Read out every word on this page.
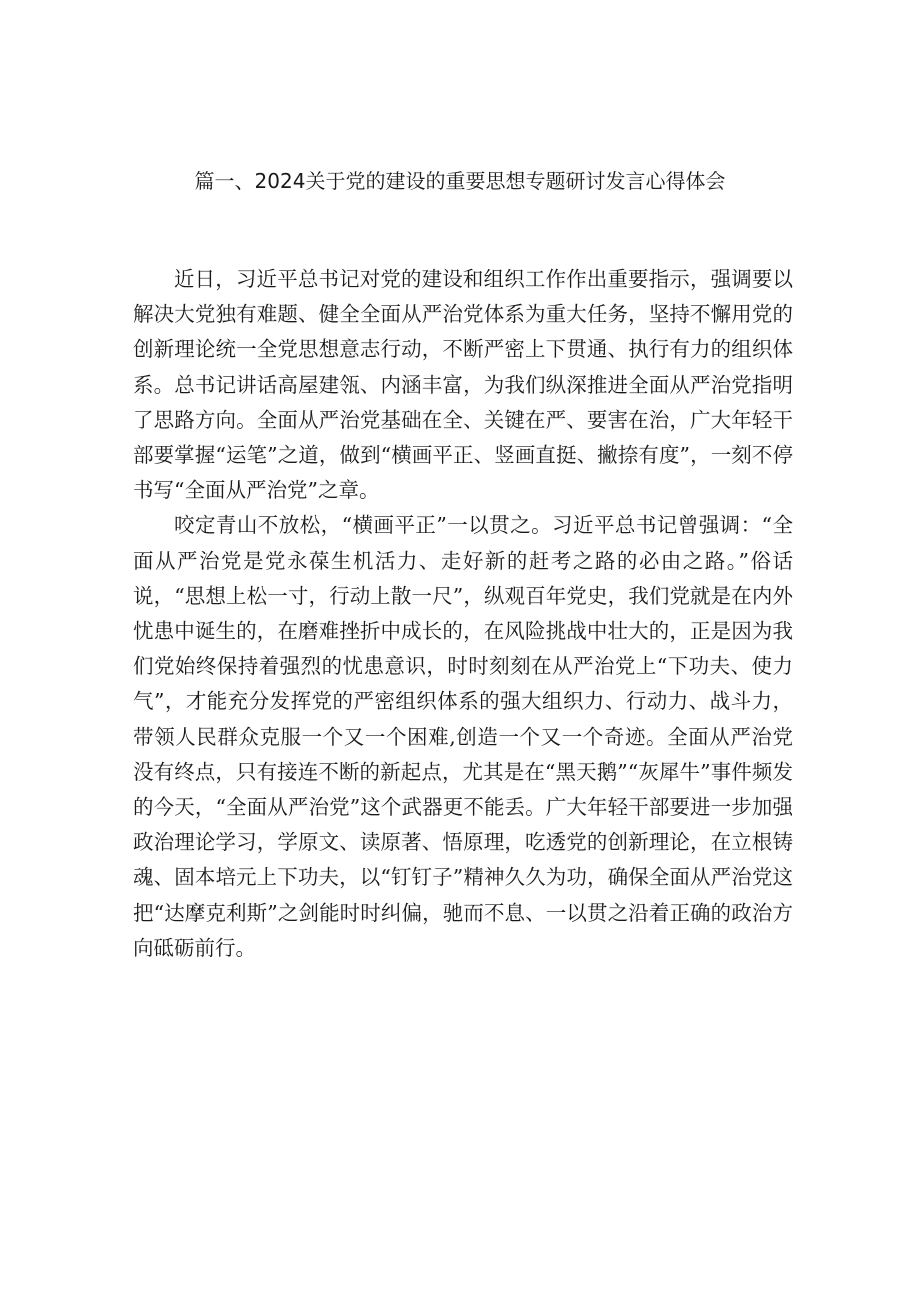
篇一、2024关于党的建设的重要思想专题研讨发言心得体会

近日，习近平总书记对党的建设和组织工作作出重要指示，强调要以解决大党独有难题、健全全面从严治党体系为重大任务，坚持不懈用党的创新理论统一全党思想意志行动，不断严密上下贯通、执行有力的组织体系。总书记讲话高屋建瓴、内涵丰富，为我们纵深推进全面从严治党指明了思路方向。全面从严治党基础在全、关键在严、要害在治，广大年轻干部要掌握“运笔”之道，做到“横画平正、竖画直挺、撇捺有度”，一刻不停书写“全面从严治党”之章。

咬定青山不放松，“横画平正”一以贯之。习近平总书记曾强调：“全面从严治党是党永葆生机活力、走好新的赶考之路的必由之路。”俗话说，“思想上松一寸，行动上散一尺”，纵观百年党史，我们党就是在内外忧患中诞生的，在磨难挫折中成长的，在风险挑战中壮大的，正是因为我们党始终保持着强烈的忧患意识，时时刻刻在从严治党上“下功夫、使力气”，才能充分发挥党的严密组织体系的强大组织力、行动力、战斗力，带领人民群众克服一个又一个困难,创造一个又一个奇迹。全面从严治党没有终点，只有接连不断的新起点，尤其是在“黑天鹅”“灰犀牛”事件频发的今天，“全面从严治党”这个武器更不能丢。广大年轻干部要进一步加强政治理论学习，学原文、读原著、悟原理，吃透党的创新理论，在立根铸魂、固本培元上下功夫，以“钉钉子”精神久久为功，确保全面从严治党这把“达摩克利斯”之剑能时时纠偏，驰而不息、一以贯之沿着正确的政治方向砥砺前行。
